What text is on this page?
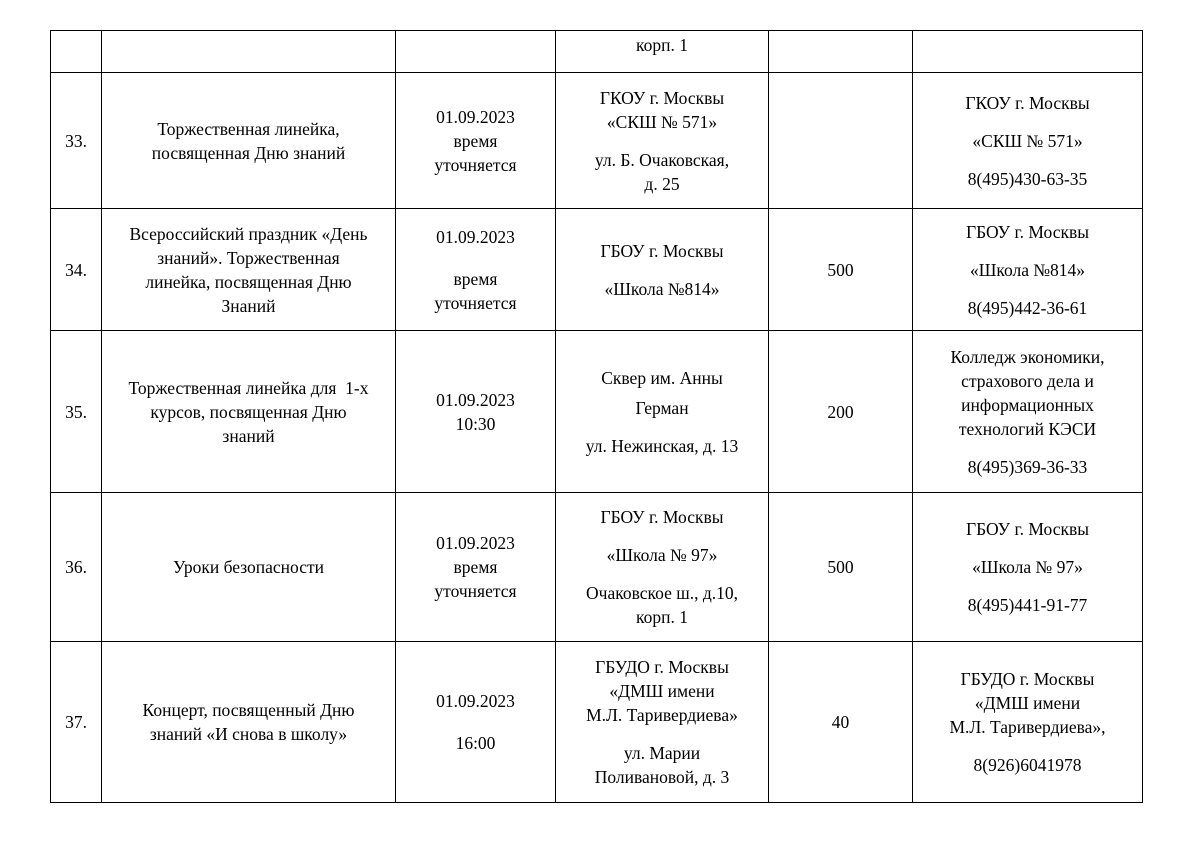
			корп. 1		

33.	Торжественная линейка,
посвященная Дню знаний	01.09.2023
время
уточняется	ГКОУ г. Москвы
«СКШ № 571»
ул. Б. Очаковская,
д. 25		ГКОУ г. Москвы
«СКШ № 571»
8(495)430-63-35

34.	Всероссийский праздник «День
знаний». Торжественная
линейка, посвященная Дню
Знаний	01.09.2023
время
уточняется	ГБОУ г. Москвы
«Школа №814»	500	ГБОУ г. Москвы
«Школа №814»
8(495)442-36-61

35.	Торжественная линейка для  1-х
курсов, посвященная Дню
знаний	01.09.2023
10:30	Сквер им. Анны
Герман
ул. Нежинская, д. 13	200	Колледж экономики,
страхового дела и
информационных
технологий КЭСИ
8(495)369-36-33

36.	Уроки безопасности	01.09.2023
время
уточняется	ГБОУ г. Москвы
«Школа № 97»
Очаковское ш., д.10,
корп. 1	500	ГБОУ г. Москвы
«Школа № 97»
8(495)441-91-77

37.	Концерт, посвященный Дню
знаний «И снова в школу»	01.09.2023
16:00	ГБУДО г. Москвы
«ДМШ имени
М.Л. Таривердиева»
ул. Марии
Поливановой, д. 3	40	ГБУДО г. Москвы
«ДМШ имени
М.Л. Таривердиева»,
8(926)6041978
